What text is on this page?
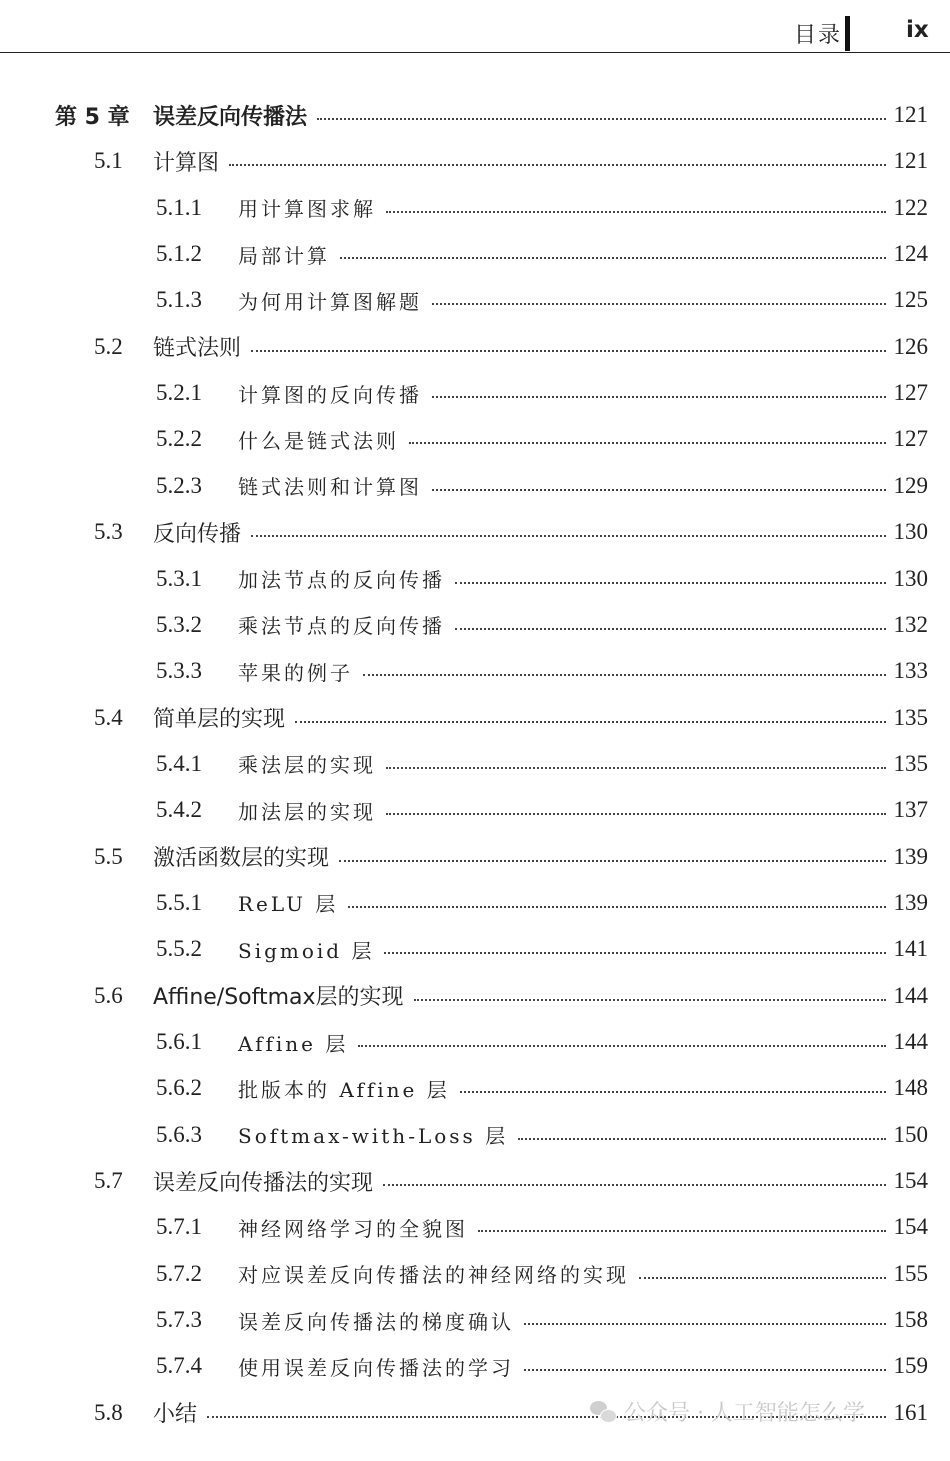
目录	ix
第 5 章 误差反向传播法	121
5.1 计算图	121
5.1.1 用计算图求解	122
5.1.2 局部计算	124
5.1.3 为何用计算图解题	125
5.2 链式法则	126
5.2.1 计算图的反向传播	127
5.2.2 什么是链式法则	127
5.2.3 链式法则和计算图	129
5.3 反向传播	130
5.3.1 加法节点的反向传播	130
5.3.2 乘法节点的反向传播	132
5.3.3 苹果的例子	133
5.4 简单层的实现	135
5.4.1 乘法层的实现	135
5.4.2 加法层的实现	137
5.5 激活函数层的实现	139
5.5.1 ReLU 层	139
5.5.2 Sigmoid 层	141
5.6 Affine/Softmax层的实现	144
5.6.1 Affine 层	144
5.6.2 批版本的 Affine 层	148
5.6.3 Softmax-with-Loss 层	150
5.7 误差反向传播法的实现	154
5.7.1 神经网络学习的全貌图	154
5.7.2 对应误差反向传播法的神经网络的实现	155
5.7.3 误差反向传播法的梯度确认	158
5.7.4 使用误差反向传播法的学习	159
5.8 小结	161
公众号 · 人工智能怎么学
